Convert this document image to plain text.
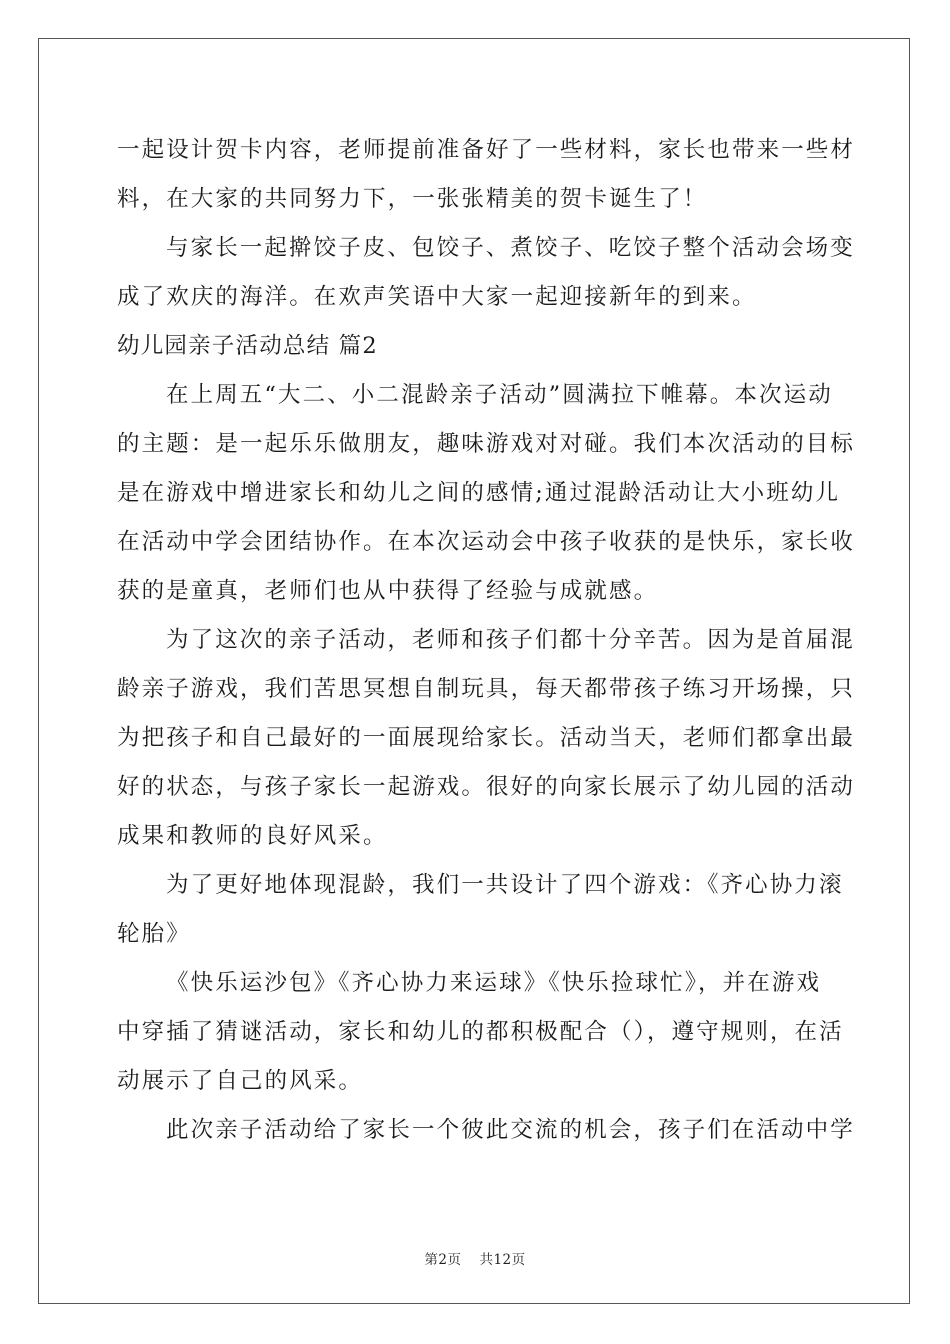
一起设计贺卡内容，老师提前准备好了一些材料，家长也带来一些材
料，在大家的共同努力下，一张张精美的贺卡诞生了！
与家长一起擀饺子皮、包饺子、煮饺子、吃饺子整个活动会场变
成了欢庆的海洋。在欢声笑语中大家一起迎接新年的到来。
幼儿园亲子活动总结 篇2
在上周五“大二、小二混龄亲子活动”圆满拉下帷幕。本次运动
的主题：是一起乐乐做朋友，趣味游戏对对碰。我们本次活动的目标
是在游戏中增进家长和幼儿之间的感情;通过混龄活动让大小班幼儿
在活动中学会团结协作。在本次运动会中孩子收获的是快乐，家长收
获的是童真，老师们也从中获得了经验与成就感。
为了这次的亲子活动，老师和孩子们都十分辛苦。因为是首届混
龄亲子游戏，我们苦思冥想自制玩具，每天都带孩子练习开场操，只
为把孩子和自己最好的一面展现给家长。活动当天，老师们都拿出最
好的状态，与孩子家长一起游戏。很好的向家长展示了幼儿园的活动
成果和教师的良好风采。
为了更好地体现混龄，我们一共设计了四个游戏：《齐心协力滚
轮胎》
《快乐运沙包》《齐心协力来运球》《快乐捡球忙》，并在游戏
中穿插了猜谜活动，家长和幼儿的都积极配合（），遵守规则，在活
动展示了自己的风采。
此次亲子活动给了家长一个彼此交流的机会，孩子们在活动中学
第2页 共12页
